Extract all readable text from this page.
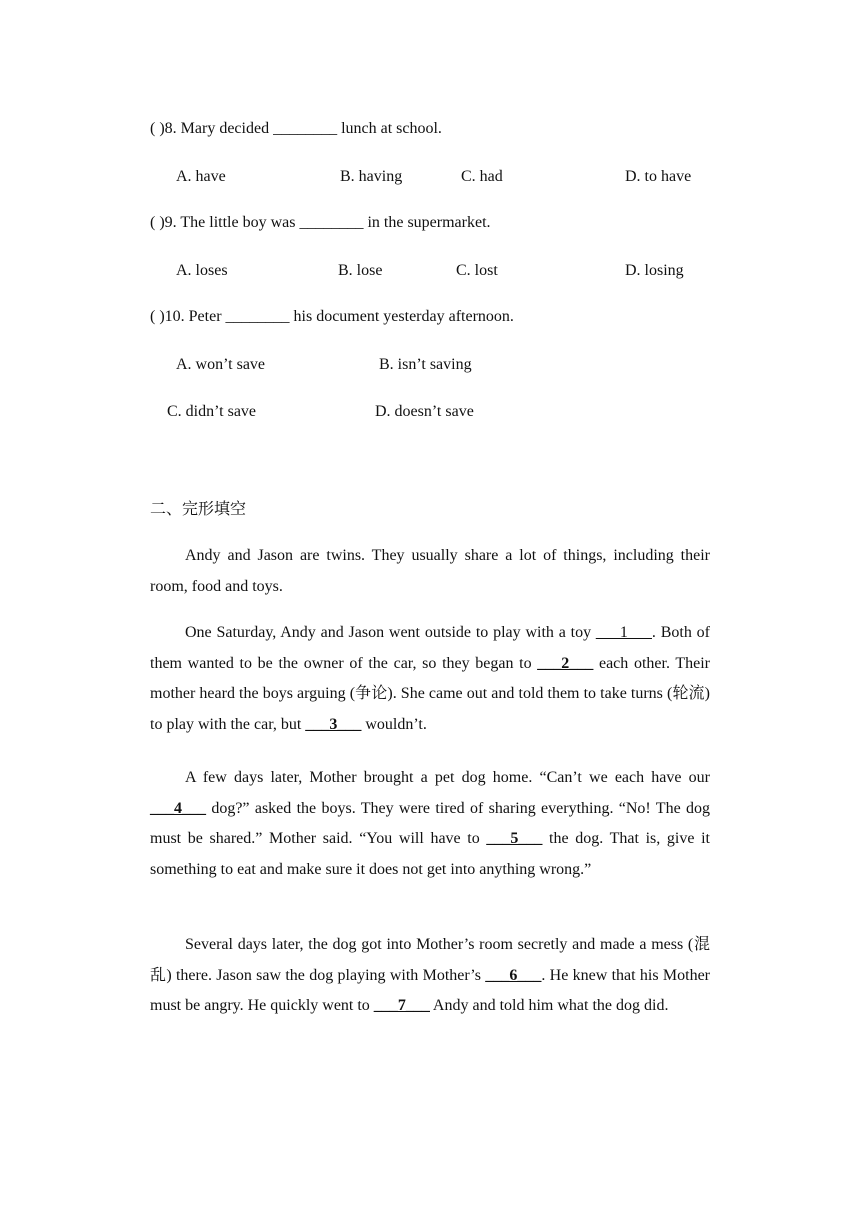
( )8. Mary decided ________ lunch at school.
A. have	B. having	C. had	D. to have
( )9. The little boy was ________ in the supermarket.
A. loses	B. lose	C. lost	D. losing
( )10. Peter ________ his document yesterday afternoon.
A. won’t save	B. isn’t saving
C. didn’t save	D. doesn’t save
二、完形填空
Andy and Jason are twins. They usually share a lot of things, including their room, food and toys.
One Saturday, Andy and Jason went outside to play with a toy ___1___. Both of them wanted to be the owner of the car, so they began to ___2___ each other. Their mother heard the boys arguing (争论). She came out and told them to take turns (轮流) to play with the car, but ___3___ wouldn’t.
A few days later, Mother brought a pet dog home. “Can’t we each have our ___4___ dog?” asked the boys. They were tired of sharing everything. “No! The dog must be shared.” Mother said. “You will have to ___5___ the dog. That is, give it something to eat and make sure it does not get into anything wrong.”
Several days later, the dog got into Mother’s room secretly and made a mess (混乱) there. Jason saw the dog playing with Mother’s ___6___. He knew that his Mother must be angry. He quickly went to ___7___ Andy and told him what the dog did.
